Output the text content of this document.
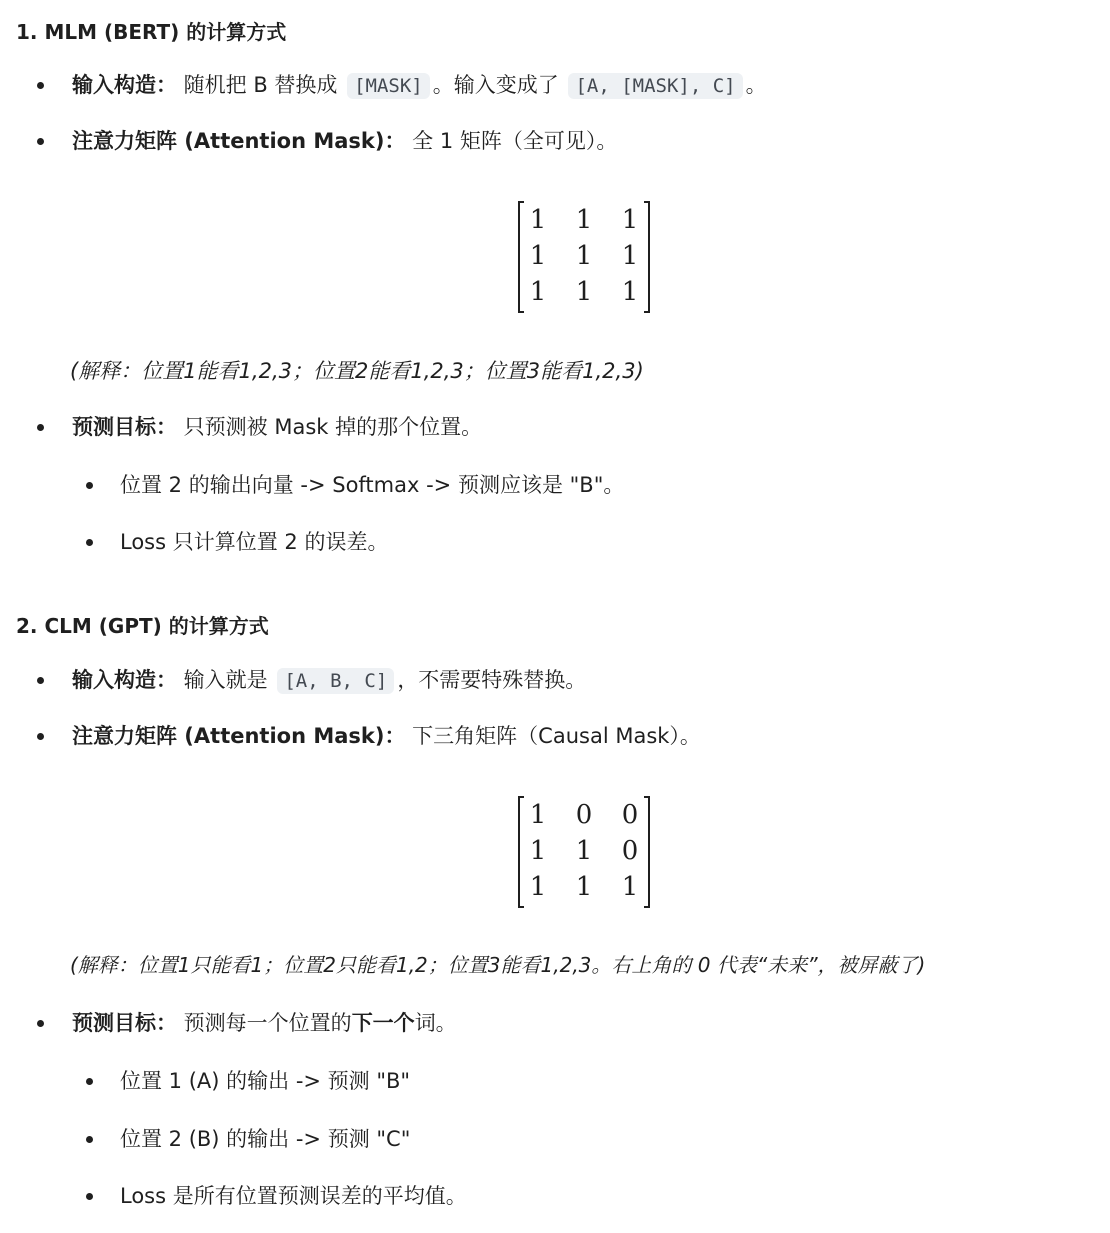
1. MLM (BERT) 的计算方式
输入构造： 随机把 B 替换成 [MASK] 。输入变成了 [A, [MASK], C] 。
注意力矩阵 (Attention Mask)： 全 1 矩阵（全可见）。
1 1 1
1 1 1
1 1 1
(解释：位置1能看1,2,3；位置2能看1,2,3；位置3能看1,2,3)
预测目标： 只预测被 Mask 掉的那个位置。
位置 2 的输出向量 -> Softmax -> 预测应该是 "B"。
Loss 只计算位置 2 的误差。
2. CLM (GPT) 的计算方式
输入构造： 输入就是 [A, B, C] ，不需要特殊替换。
注意力矩阵 (Attention Mask)： 下三角矩阵（Causal Mask）。
1 0 0
1 1 0
1 1 1
(解释：位置1只能看1；位置2只能看1,2；位置3能看1,2,3。右上角的 0 代表“未来”，被屏蔽了)
预测目标： 预测每一个位置的下一个词。
位置 1 (A) 的输出 -> 预测 "B"
位置 2 (B) 的输出 -> 预测 "C"
Loss 是所有位置预测误差的平均值。
